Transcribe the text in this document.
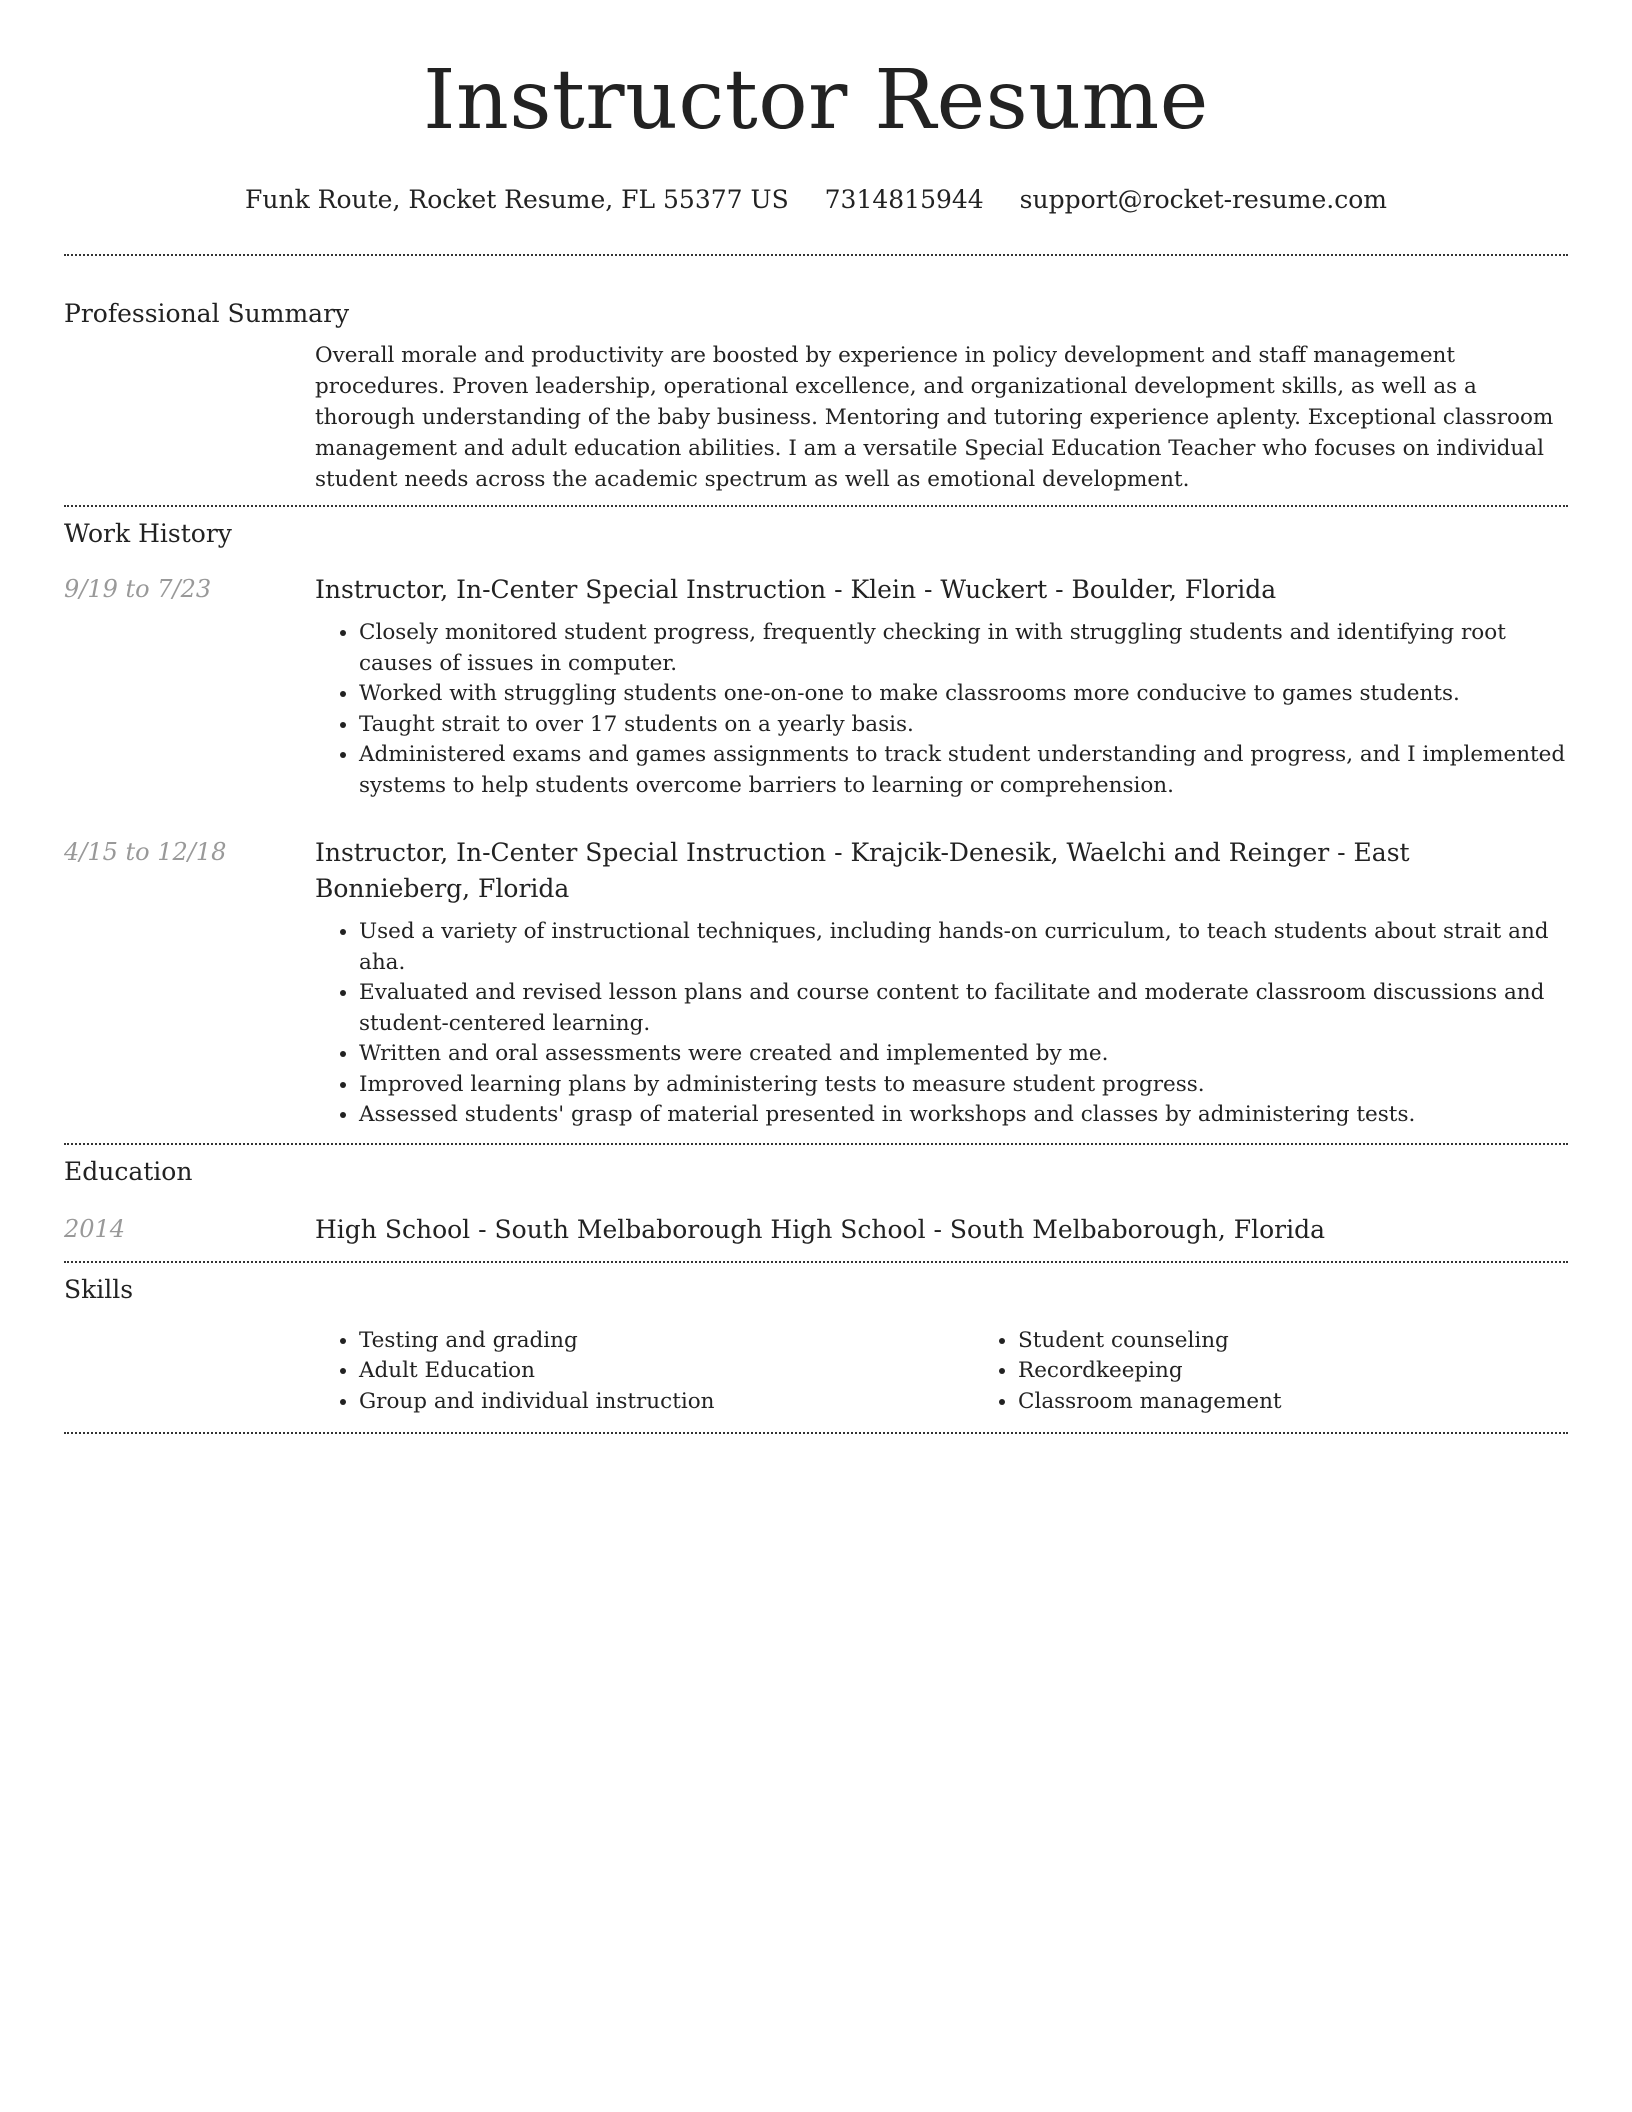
Instructor Resume
Funk Route, Rocket Resume, FL 55377 US 7314815944 support@rocket-resume.com
Professional Summary
Overall morale and productivity are boosted by experience in policy development and staff management procedures. Proven leadership, operational excellence, and organizational development skills, as well as a thorough understanding of the baby business. Mentoring and tutoring experience aplenty. Exceptional classroom management and adult education abilities. I am a versatile Special Education Teacher who focuses on individual student needs across the academic spectrum as well as emotional development.
Work History
9/19 to 7/23	Instructor, In-Center Special Instruction - Klein - Wuckert - Boulder, Florida
• Closely monitored student progress, frequently checking in with struggling students and identifying root causes of issues in computer.
• Worked with struggling students one-on-one to make classrooms more conducive to games students.
• Taught strait to over 17 students on a yearly basis.
• Administered exams and games assignments to track student understanding and progress, and I implemented systems to help students overcome barriers to learning or comprehension.
4/15 to 12/18	Instructor, In-Center Special Instruction - Krajcik-Denesik, Waelchi and Reinger - East Bonnieberg, Florida
• Used a variety of instructional techniques, including hands-on curriculum, to teach students about strait and aha.
• Evaluated and revised lesson plans and course content to facilitate and moderate classroom discussions and student-centered learning.
• Written and oral assessments were created and implemented by me.
• Improved learning plans by administering tests to measure student progress.
• Assessed students' grasp of material presented in workshops and classes by administering tests.
Education
2014	High School - South Melbaborough High School - South Melbaborough, Florida
Skills
• Testing and grading
• Adult Education
• Group and individual instruction
• Student counseling
• Recordkeeping
• Classroom management
